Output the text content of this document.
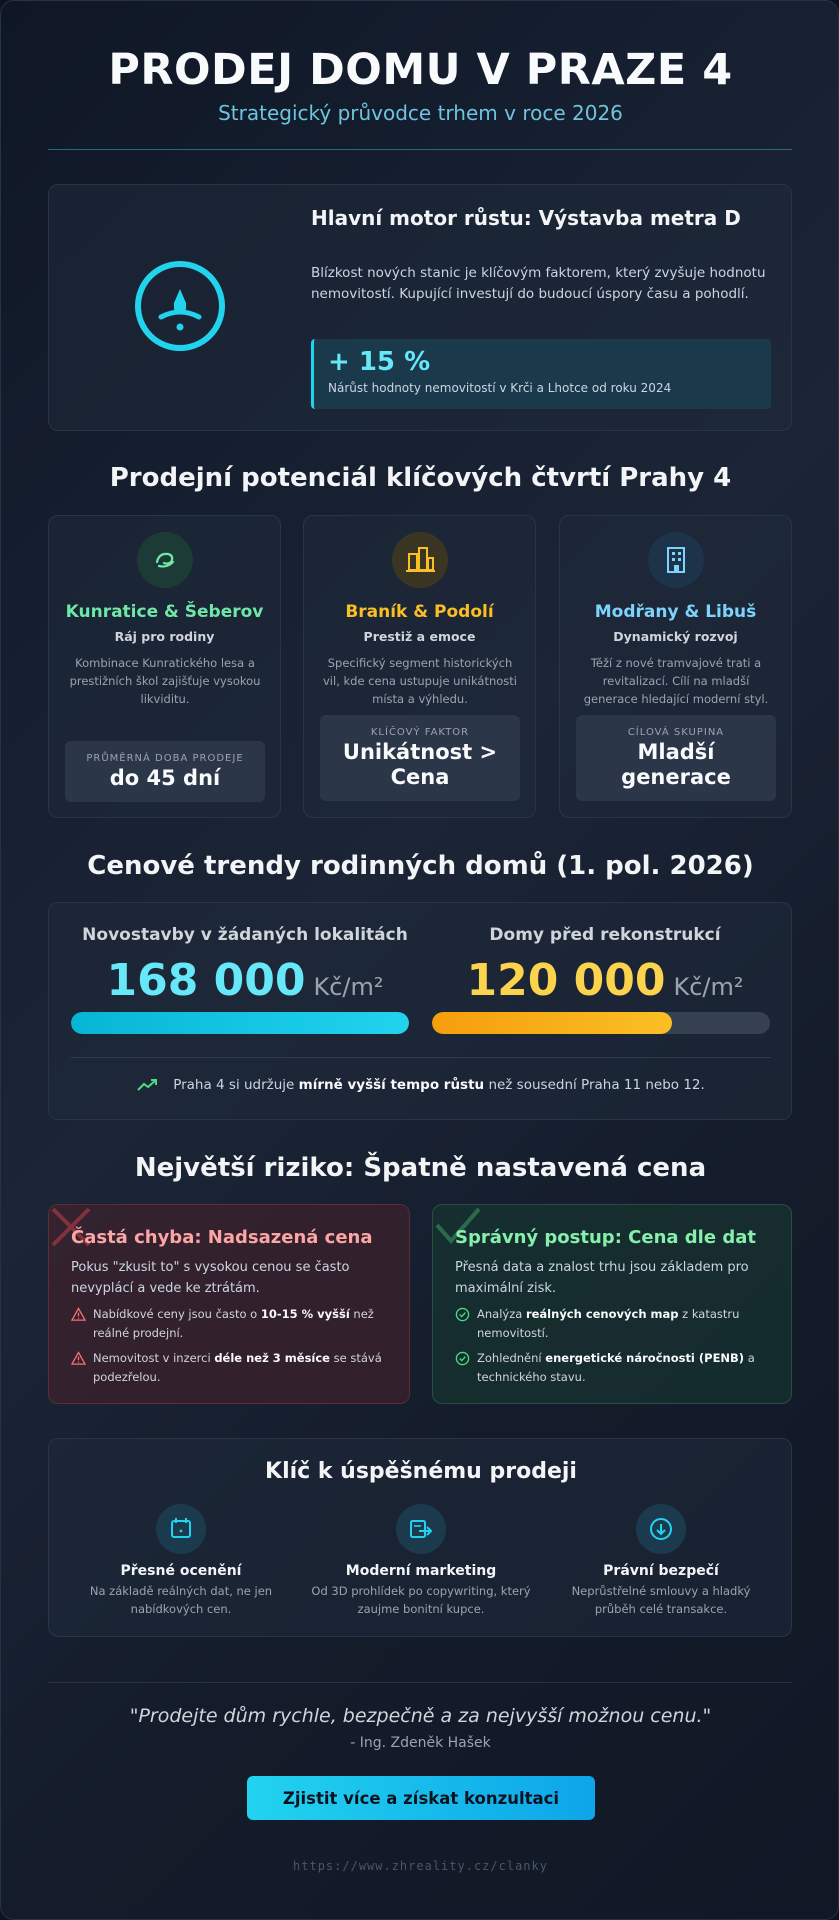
PRODEJ DOMU V PRAZE 4
Strategický průvodce trhem v roce 2026
Hlavní motor růstu: Výstavba metra D
Blízkost nových stanic je klíčovým faktorem, který zvyšuje hodnotu nemovitostí. Kupující investují do budoucí úspory času a pohodlí.
+ 15 %
Nárůst hodnoty nemovitostí v Krči a Lhotce od roku 2024
Prodejní potenciál klíčových čtvrtí Prahy 4
Kunratice & Šeberov
Ráj pro rodiny
Kombinace Kunratického lesa a prestižních škol zajišťuje vysokou likviditu.
PRŮMĚRNÁ DOBA PRODEJE
do 45 dní
Braník & Podolí
Prestiž a emoce
Specifický segment historických vil, kde cena ustupuje unikátnosti místa a výhledu.
KLÍČOVÝ FAKTOR
Unikátnost > Cena
Modřany & Libuš
Dynamický rozvoj
Těží z nové tramvajové trati a revitalizací. Cílí na mladší generace hledající moderní styl.
CÍLOVÁ SKUPINA
Mladší generace
Cenové trendy rodinných domů (1. pol. 2026)
Novostavby v žádaných lokalitách
168 000 Kč/m²
Domy před rekonstrukcí
120 000 Kč/m²
Praha 4 si udržuje mírně vyšší tempo růstu než sousední Praha 11 nebo 12.
Největší riziko: Špatně nastavená cena
Častá chyba: Nadsazená cena
Pokus "zkusit to" s vysokou cenou se často nevyplácí a vede ke ztrátám.
Nabídkové ceny jsou často o 10-15 % vyšší než reálné prodejní.
Nemovitost v inzerci déle než 3 měsíce se stává podezřelou.
Správný postup: Cena dle dat
Přesná data a znalost trhu jsou základem pro maximální zisk.
Analýza reálných cenových map z katastru nemovitostí.
Zohlednění energetické náročnosti (PENB) a technického stavu.
Klíč k úspěšnému prodeji
Přesné ocenění
Na základě reálných dat, ne jen nabídkových cen.
Moderní marketing
Od 3D prohlídek po copywriting, který zaujme bonitní kupce.
Právní bezpečí
Neprůstřelné smlouvy a hladký průběh celé transakce.
"Prodejte dům rychle, bezpečně a za nejvyšší možnou cenu."
- Ing. Zdeněk Hašek
Zjistit více a získat konzultaci
https://www.zhreality.cz/clanky
